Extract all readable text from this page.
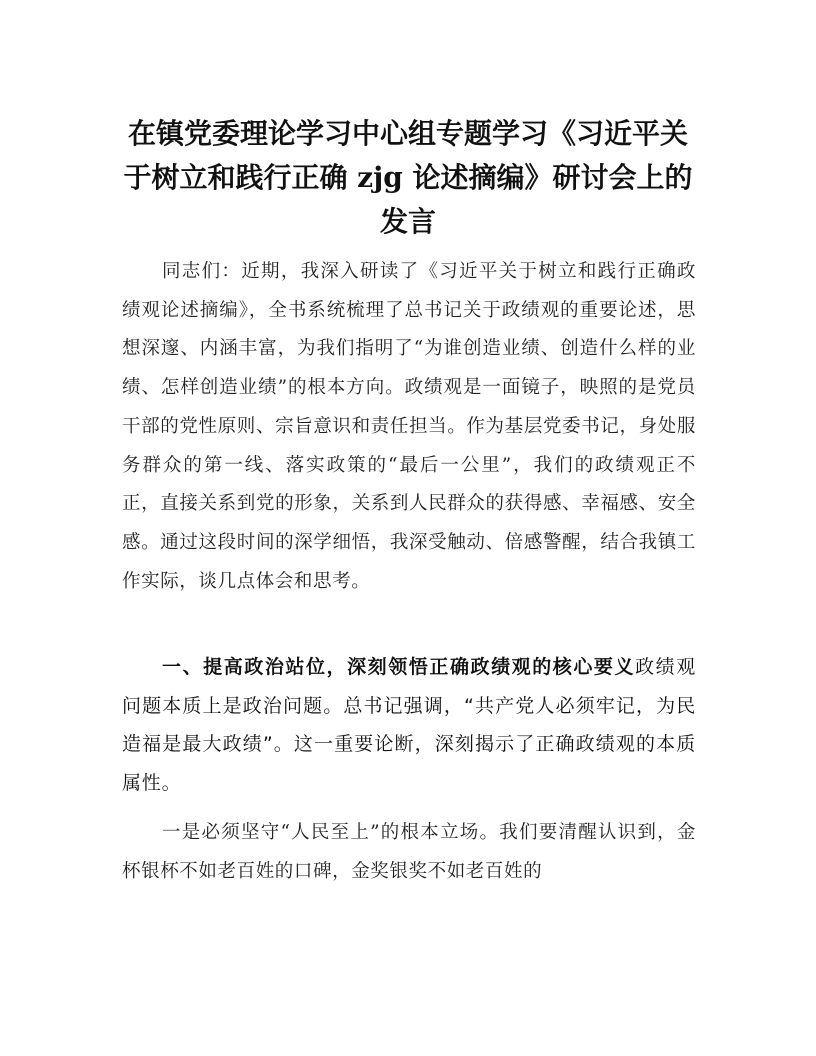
在镇党委理论学习中心组专题学习《习近平关于树立和践行正确 zjg 论述摘编》研讨会上的发言

同志们：近期，我深入研读了《习近平关于树立和践行正确政绩观论述摘编》，全书系统梳理了总书记关于政绩观的重要论述，思想深邃、内涵丰富，为我们指明了“为谁创造业绩、创造什么样的业绩、怎样创造业绩”的根本方向。政绩观是一面镜子，映照的是党员干部的党性原则、宗旨意识和责任担当。作为基层党委书记，身处服务群众的第一线、落实政策的“最后一公里”，我们的政绩观正不正，直接关系到党的形象，关系到人民群众的获得感、幸福感、安全感。通过这段时间的深学细悟，我深受触动、倍感警醒，结合我镇工作实际，谈几点体会和思考。

一、提高政治站位，深刻领悟正确政绩观的核心要义政绩观问题本质上是政治问题。总书记强调，“共产党人必须牢记，为民造福是最大政绩”。这一重要论断，深刻揭示了正确政绩观的本质属性。

一是必须坚守“人民至上”的根本立场。我们要清醒认识到，金杯银杯不如老百姓的口碑，金奖银奖不如老百姓的
